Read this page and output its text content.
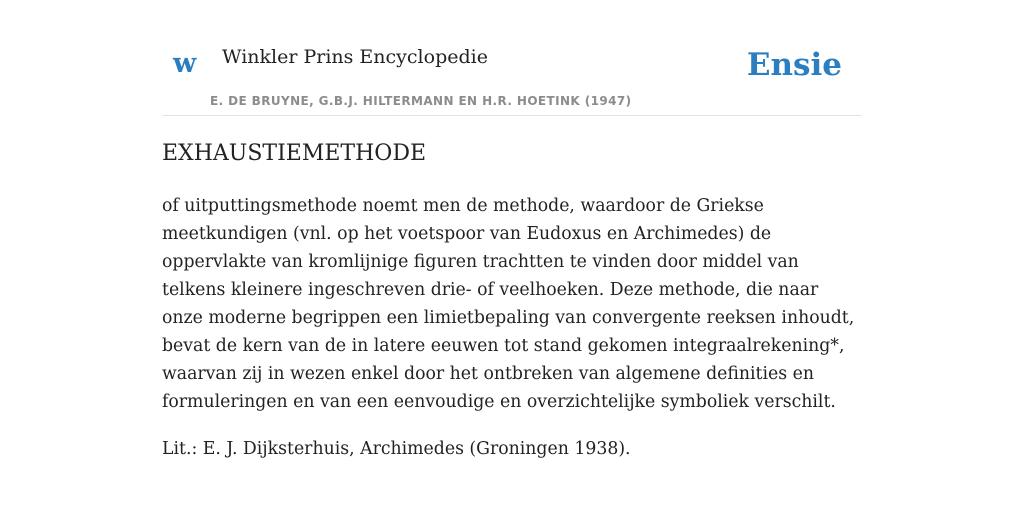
w Winkler Prins Encyclopedie
E. DE BRUYNE, G.B.J. HILTERMANN EN H.R. HOETINK (1947)
Ensie
EXHAUSTIEMETHODE

of uitputtingsmethode noemt men de methode, waardoor de Griekse meetkundigen (vnl. op het voetspoor van Eudoxus en Archimedes) de oppervlakte van kromlijnige figuren trachtten te vinden door middel van telkens kleinere ingeschreven drie- of veelhoeken. Deze methode, die naar onze moderne begrippen een limietbepaling van convergente reeksen inhoudt, bevat de kern van de in latere eeuwen tot stand gekomen integraalrekening*, waarvan zij in wezen enkel door het ontbreken van algemene definities en formuleringen en van een eenvoudige en overzichtelijke symboliek verschilt.

Lit.: E. J. Dijksterhuis, Archimedes (Groningen 1938).
